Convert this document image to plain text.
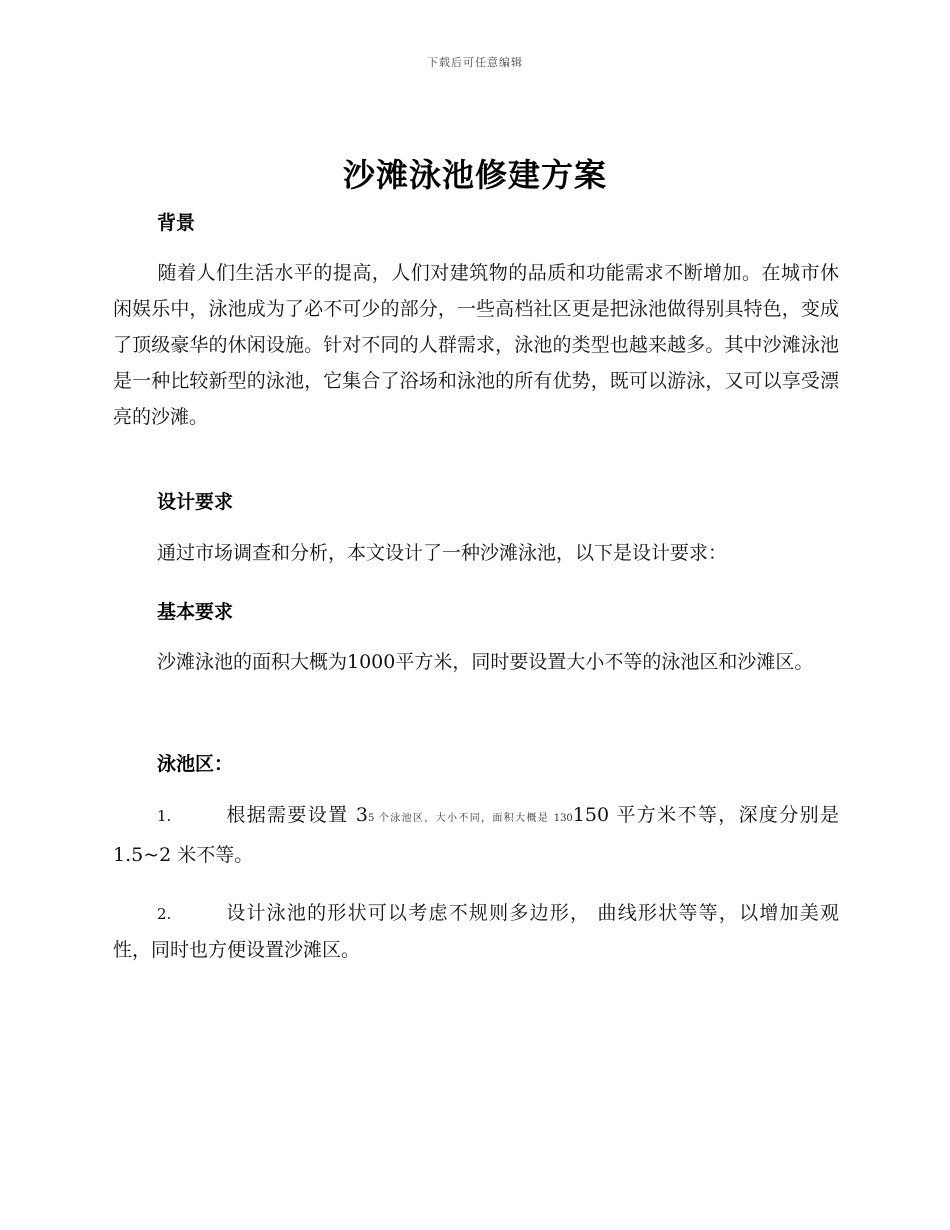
下载后可任意编辑
沙滩泳池修建方案
背景

随着人们生活水平的提高，人们对建筑物的品质和功能需求不断增加。在城市休闲娱乐中，泳池成为了必不可少的部分，一些高档社区更是把泳池做得别具特色，变成了顶级豪华的休闲设施。针对不同的人群需求，泳池的类型也越来越多。其中沙滩泳池是一种比较新型的泳池，它集合了浴场和泳池的所有优势，既可以游泳，又可以享受漂亮的沙滩。

设计要求

通过市场调查和分析，本文设计了一种沙滩泳池，以下是设计要求：

基本要求

沙滩泳池的面积大概为1000平方米，同时要设置大小不等的泳池区和沙滩区。

泳池区：

1.	根据需要设置 35 个泳池区，大小不同，面积大概是 130150 平方米不等，深度分别是 1.5~2 米不等。

2.	设计泳池的形状可以考虑不规则多边形， 曲线形状等等，以增加美观性，同时也方便设置沙滩区。
